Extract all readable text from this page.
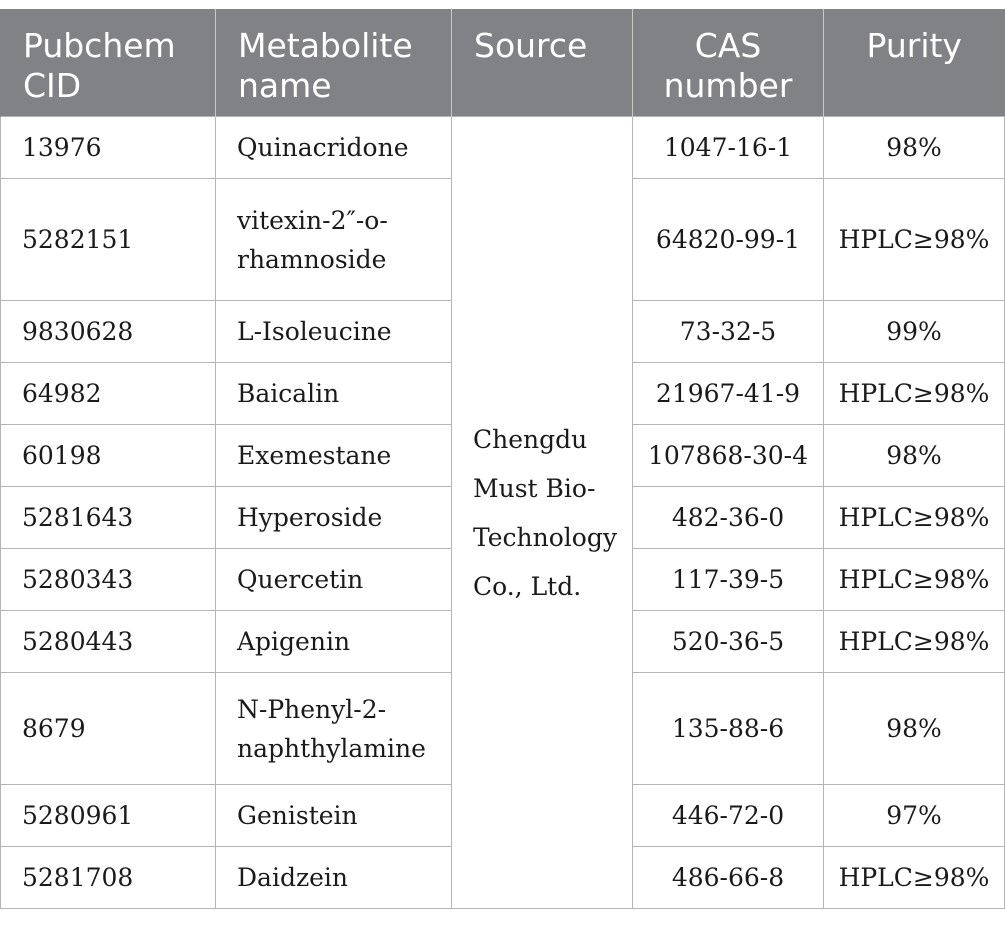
Pubchem CID	Metabolite name	Source	CAS number	Purity
13976	Quinacridone	Chengdu Must Bio-Technology Co., Ltd.	1047-16-1	98%
5282151	vitexin-2″-o-rhamnoside		64820-99-1	HPLC≥98%
9830628	L-Isoleucine		73-32-5	99%
64982	Baicalin		21967-41-9	HPLC≥98%
60198	Exemestane		107868-30-4	98%
5281643	Hyperoside		482-36-0	HPLC≥98%
5280343	Quercetin		117-39-5	HPLC≥98%
5280443	Apigenin		520-36-5	HPLC≥98%
8679	N-Phenyl-2-naphthylamine		135-88-6	98%
5280961	Genistein		446-72-0	97%
5281708	Daidzein		486-66-8	HPLC≥98%
